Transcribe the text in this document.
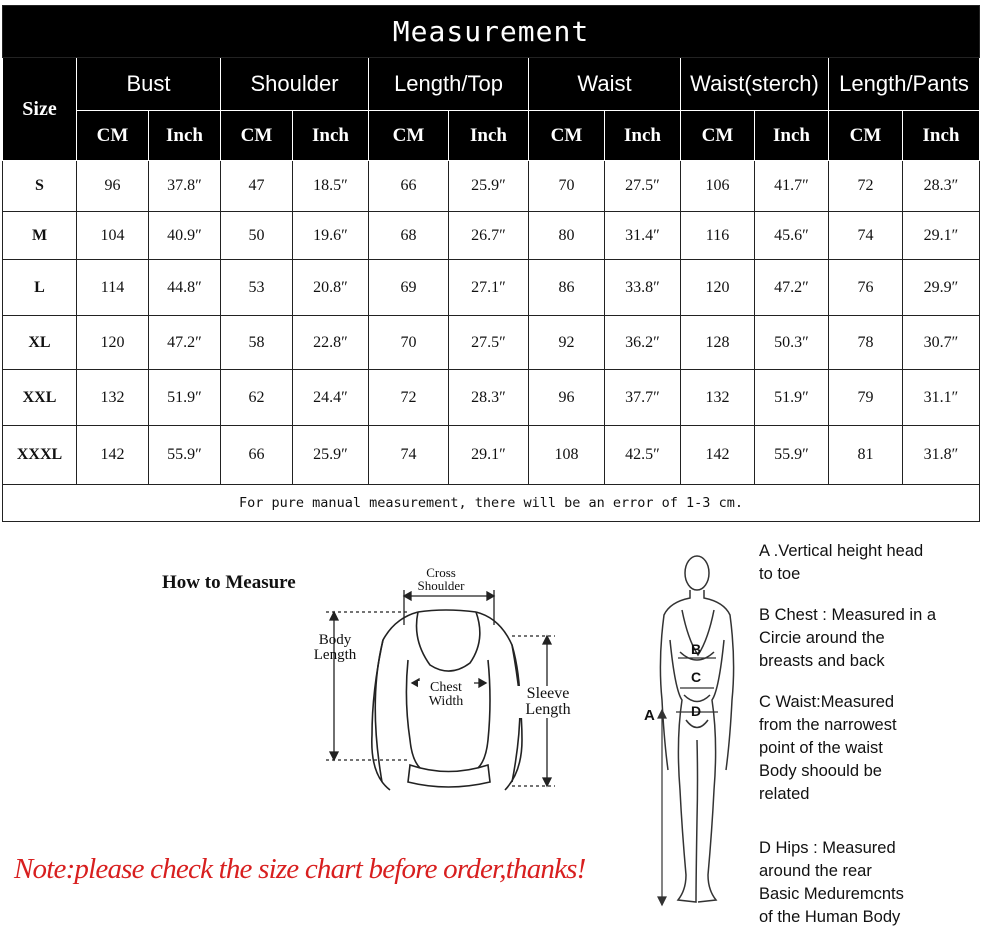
Measurement												
Size	Bust		Shoulder		Length/Top		Waist		Waist(sterch)		Length/Pants	
	CM	Inch	CM	Inch	CM	Inch	CM	Inch	CM	Inch	CM	Inch
S	96	37.8″	47	18.5″	66	25.9″	70	27.5″	106	41.7″	72	28.3″
M	104	40.9″	50	19.6″	68	26.7″	80	31.4″	116	45.6″	74	29.1″
L	114	44.8″	53	20.8″	69	27.1″	86	33.8″	120	47.2″	76	29.9″
XL	120	47.2″	58	22.8″	70	27.5″	92	36.2″	128	50.3″	78	30.7″
XXL	132	51.9″	62	24.4″	72	28.3″	96	37.7″	132	51.9″	79	31.1″
XXXL	142	55.9″	66	25.9″	74	29.1″	108	42.5″	142	55.9″	81	31.8″
For pure manual measurement, there will be an error of 1-3 cm.												
How to Measure	Cross
Shoulder
Body
Length
Chest
Width	Sleeve
Length	A
B
C
D
A .Vertical height head
to toe
B Chest : Measured in a
Circie around the
breasts and back
C Waist:Measured
from the narrowest
point of the waist
Body shoould be
related
D Hips : Measured
around the rear
Basic Meduremcnts
of the Human Body
Note:please check the size chart before order,thanks!
